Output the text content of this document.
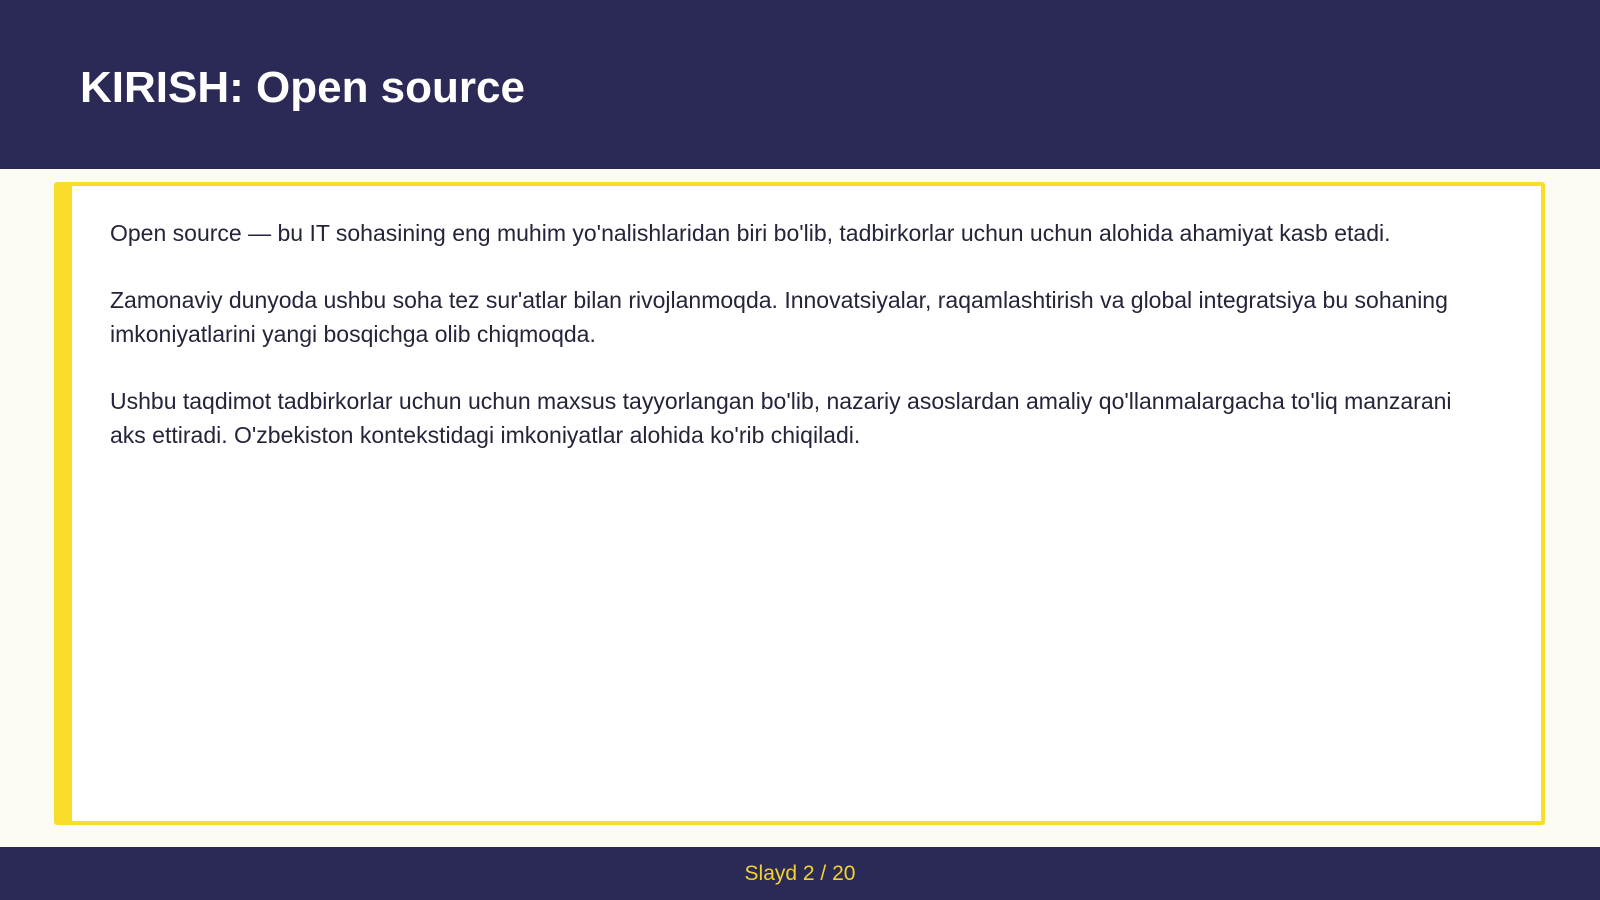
KIRISH: Open source

Open source — bu IT sohasining eng muhim yo'nalishlaridan biri bo'lib, tadbirkorlar uchun uchun alohida ahamiyat kasb etadi.

Zamonaviy dunyoda ushbu soha tez sur'atlar bilan rivojlanmoqda. Innovatsiyalar, raqamlashtirish va global integratsiya bu sohaning imkoniyatlarini yangi bosqichga olib chiqmoqda.

Ushbu taqdimot tadbirkorlar uchun uchun maxsus tayyorlangan bo'lib, nazariy asoslardan amaliy qo'llanmalargacha to'liq manzarani aks ettiradi. O'zbekiston kontekstidagi imkoniyatlar alohida ko'rib chiqiladi.

Slayd 2 / 20
